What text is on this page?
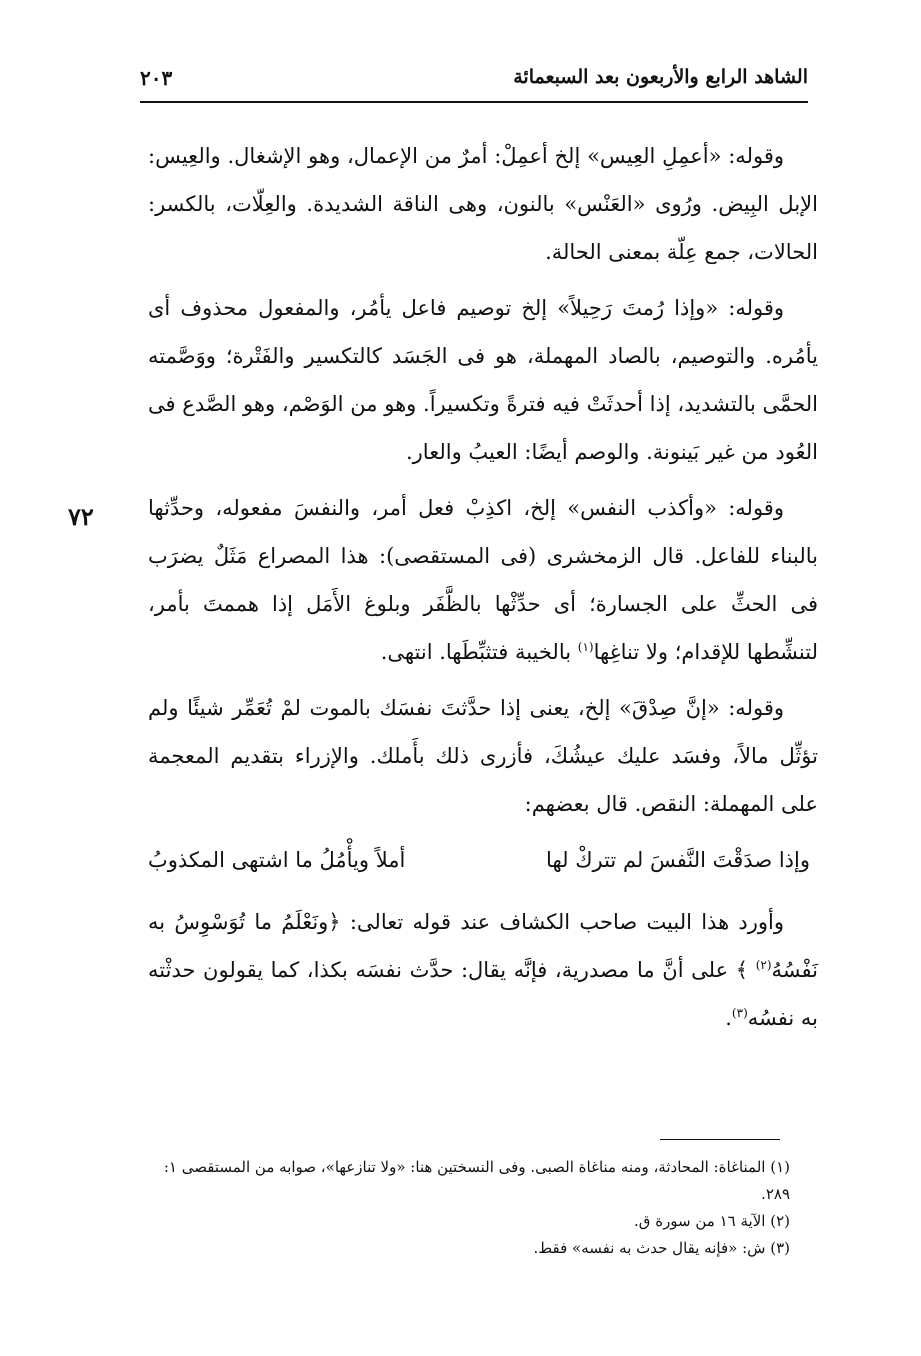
الشاهد الرابع والأربعون بعد السبعمائة
٢٠٣
٧٢

وقوله: «أعمِلِ العِيس» إلخ أعمِلْ: أمرٌ من الإعمال، وهو الإشغال. والعِيس: الإبل البِيض. ورُوى «العَنْس» بالنون، وهى الناقة الشديدة. والعِلّات، بالكسر: الحالات، جمع عِلّة بمعنى الحالة.

وقوله: «وإذا رُمتَ رَحِيلاً» إلخ توصيم فاعل يأمُر، والمفعول محذوف أى يأمُره. والتوصيم، بالصاد المهملة، هو فى الجَسَد كالتكسير والفَتْرة؛ ووَصَّمته الحمَّى بالتشديد، إذا أحدثَتْ فيه فترةً وتكسيراً. وهو من الوَصْم، وهو الصَّدع فى العُود من غير بَينونة. والوصم أيضًا: العيبُ والعار.

وقوله: «وأكذب النفس» إلخ، اكذِبْ فعل أمر، والنفسَ مفعوله، وحدِّثها بالبناء للفاعل. قال الزمخشرى (فى المستقصى): هذا المصراع مَثَلٌ يضرَب فى الحثِّ على الجسارة؛ أى حدِّثْها بالظَّفَر وبلوغ الأَمَل إذا هممتَ بأمر، لتنشِّطها للإقدام؛ ولا تناغِها$^{(١)}$ بالخيبة فتثبِّطَها. انتهى.

وقوله: «إنَّ صِدْقَ» إلخ، يعنى إذا حدَّثتَ نفسَك بالموت لمْ تُعَمِّر شيئًا ولم تؤثِّل مالاً، وفسَد عليك عيشُكَ، فأزرى ذلك بأَملك. والإزراء بتقديم المعجمة على المهملة: النقص. قال بعضهم:

وإذا صدَقْتَ النَّفسَ لم تتركْ لها
أملاً ويأْمُلُ ما اشتهى المكذوبُ

وأورد هذا البيت صاحب الكشاف عند قوله تعالى: ﴿ونَعْلَمُ ما تُوَسْوِسُ به نَفْسُهُ$^{(٢)}$ ﴾ على أنَّ ما مصدرية، فإنَّه يقال: حدَّث نفسَه بكذا، كما يقولون حدثْته به نفسُه$^{(٣)}$.

(١) المناغاة: المحادثة، ومنه مناغاة الصبى. وفى النسختين هنا: «ولا تنازعها»، صوابه من المستقصى ١: ٢٨٩.

(٢) الآية ١٦ من سورة ق.

(٣) ش: «فإنه يقال حدث به نفسه» فقط.
